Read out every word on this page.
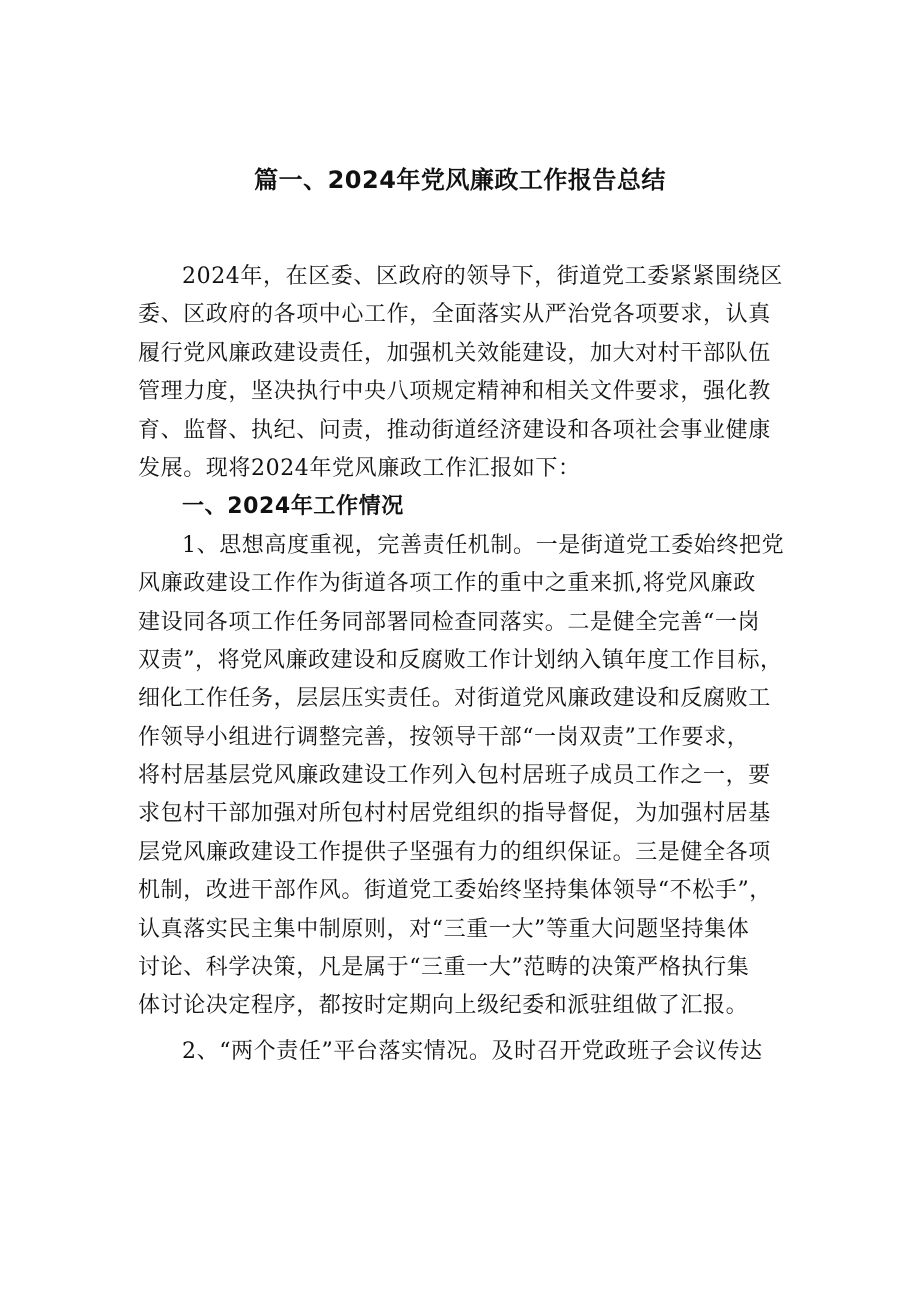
篇一、2024年党风廉政工作报告总结
2024年，在区委、区政府的领导下，街道党工委紧紧围绕区
委、区政府的各项中心工作，全面落实从严治党各项要求，认真
履行党风廉政建设责任，加强机关效能建设，加大对村干部队伍
管理力度，坚决执行中央八项规定精神和相关文件要求，强化教
育、监督、执纪、问责，推动街道经济建设和各项社会事业健康
发展。现将2024年党风廉政工作汇报如下：
一、2024年工作情况
1、思想高度重视，完善责任机制。一是街道党工委始终把党
风廉政建设工作作为街道各项工作的重中之重来抓,将党风廉政
建设同各项工作任务同部署同检查同落实。二是健全完善“一岗
双责”，将党风廉政建设和反腐败工作计划纳入镇年度工作目标，
细化工作任务，层层压实责任。对街道党风廉政建设和反腐败工
作领导小组进行调整完善，按领导干部“一岗双责”工作要求，
将村居基层党风廉政建设工作列入包村居班子成员工作之一，要
求包村干部加强对所包村村居党组织的指导督促，为加强村居基
层党风廉政建设工作提供子坚强有力的组织保证。三是健全各项
机制，改进干部作风。街道党工委始终坚持集体领导“不松手”，
认真落实民主集中制原则，对“三重一大”等重大问题坚持集体
讨论、科学决策，凡是属于“三重一大”范畴的决策严格执行集
体讨论决定程序，都按时定期向上级纪委和派驻组做了汇报。
2、“两个责任”平台落实情况。及时召开党政班子会议传达
